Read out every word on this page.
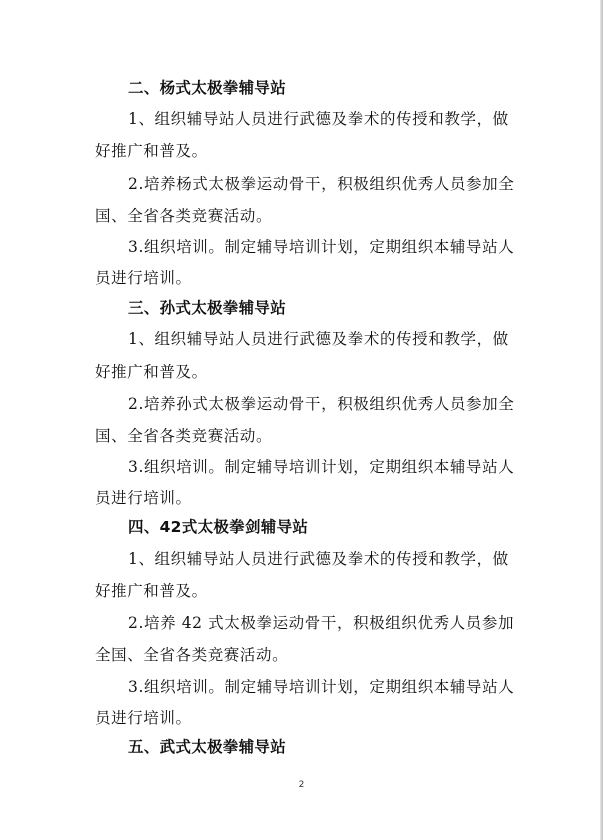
二、杨式太极拳辅导站
1、组织辅导站人员进行武德及拳术的传授和教学，做
好推广和普及。
2.培养杨式太极拳运动骨干，积极组织优秀人员参加全
国、全省各类竞赛活动。
3.组织培训。制定辅导培训计划，定期组织本辅导站人
员进行培训。
三、孙式太极拳辅导站
1、组织辅导站人员进行武德及拳术的传授和教学，做
好推广和普及。
2.培养孙式太极拳运动骨干，积极组织优秀人员参加全
国、全省各类竞赛活动。
3.组织培训。制定辅导培训计划，定期组织本辅导站人
员进行培训。
四、42式太极拳剑辅导站
1、组织辅导站人员进行武德及拳术的传授和教学，做
好推广和普及。
2.培养 42 式太极拳运动骨干，积极组织优秀人员参加
全国、全省各类竞赛活动。
3.组织培训。制定辅导培训计划，定期组织本辅导站人
员进行培训。
五、武式太极拳辅导站
2
